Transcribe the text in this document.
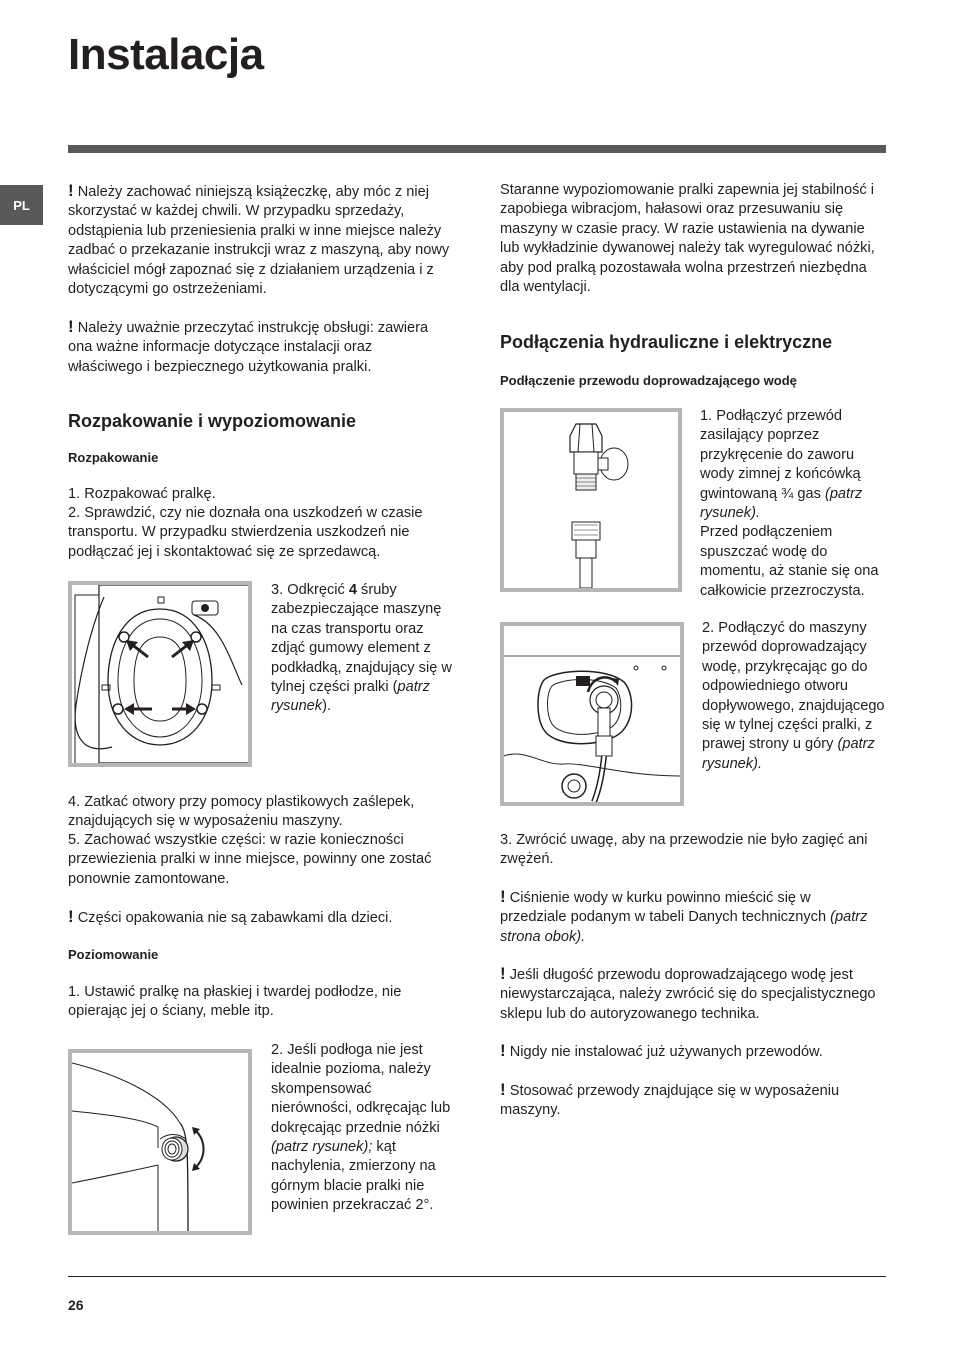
Instalacja
PL

! Należy zachować niniejszą książeczkę, aby móc z niej skorzystać w każdej chwili. W przypadku sprzedaży, odstąpienia lub przeniesienia pralki w inne miejsce należy zadbać o przekazanie instrukcji wraz z maszyną, aby nowy właściciel mógł zapoznać się z działaniem urządzenia i z dotyczącymi go ostrzeżeniami.

! Należy uważnie przeczytać instrukcję obsługi: zawiera ona ważne informacje dotyczące instalacji oraz właściwego i bezpiecznego użytkowania pralki.

Rozpakowanie i wypoziomowanie
Rozpakowanie

1. Rozpakować pralkę.

2. Sprawdzić, czy nie doznała ona uszkodzeń w czasie transportu. W przypadku stwierdzenia uszkodzeń nie podłączać jej i skontaktować się ze sprzedawcą.

3. Odkręcić 4 śruby zabezpieczające maszynę na czas transportu oraz zdjąć gumowy element z podkładką, znajdujący się w tylnej części pralki (patrz rysunek).

4. Zatkać otwory przy pomocy plastikowych zaślepek, znajdujących się w wyposażeniu maszyny.

5. Zachować wszystkie części: w razie konieczności przewiezienia pralki w inne miejsce, powinny one zostać ponownie zamontowane.

! Części opakowania nie są zabawkami dla dzieci.

Poziomowanie

1. Ustawić pralkę na płaskiej i twardej podłodze, nie opierając jej o ściany, meble itp.

2. Jeśli podłoga nie jest idealnie pozioma, należy skompensować nierówności, odkręcając lub dokręcając przednie nóżki (patrz rysunek); kąt nachylenia, zmierzony na górnym blacie pralki nie powinien przekraczać 2°.

Staranne wypoziomowanie pralki zapewnia jej stabilność i zapobiega wibracjom, hałasowi oraz przesuwaniu się maszyny w czasie pracy. W razie ustawienia na dywanie lub wykładzinie dywanowej należy tak wyregulować nóżki, aby pod pralką pozostawała wolna przestrzeń niezbędna dla wentylacji.

Podłączenia hydrauliczne i elektryczne
Podłączenie przewodu doprowadzającego wodę

1. Podłączyć przewód zasilający poprzez przykręcenie do zaworu wody zimnej z końcówką gwintowaną ¾ gas (patrz rysunek).
Przed podłączeniem spuszczać wodę do momentu, aż stanie się ona całkowicie przezroczysta.

2. Podłączyć do maszyny przewód doprowadzający wodę, przykręcając go do odpowiedniego otworu dopływowego, znajdującego się w tylnej części pralki, z prawej strony u góry (patrz rysunek).

3. Zwrócić uwagę, aby na przewodzie nie było zagięć ani zwężeń.

! Ciśnienie wody w kurku powinno mieścić się w przedziale podanym w tabeli Danych technicznych (patrz strona obok).

! Jeśli długość przewodu doprowadzającego wodę jest niewystarczająca, należy zwrócić się do specjalistycznego sklepu lub do autoryzowanego technika.

! Nigdy nie instalować już używanych przewodów.

! Stosować przewody znajdujące się w wyposażeniu maszyny.

26
